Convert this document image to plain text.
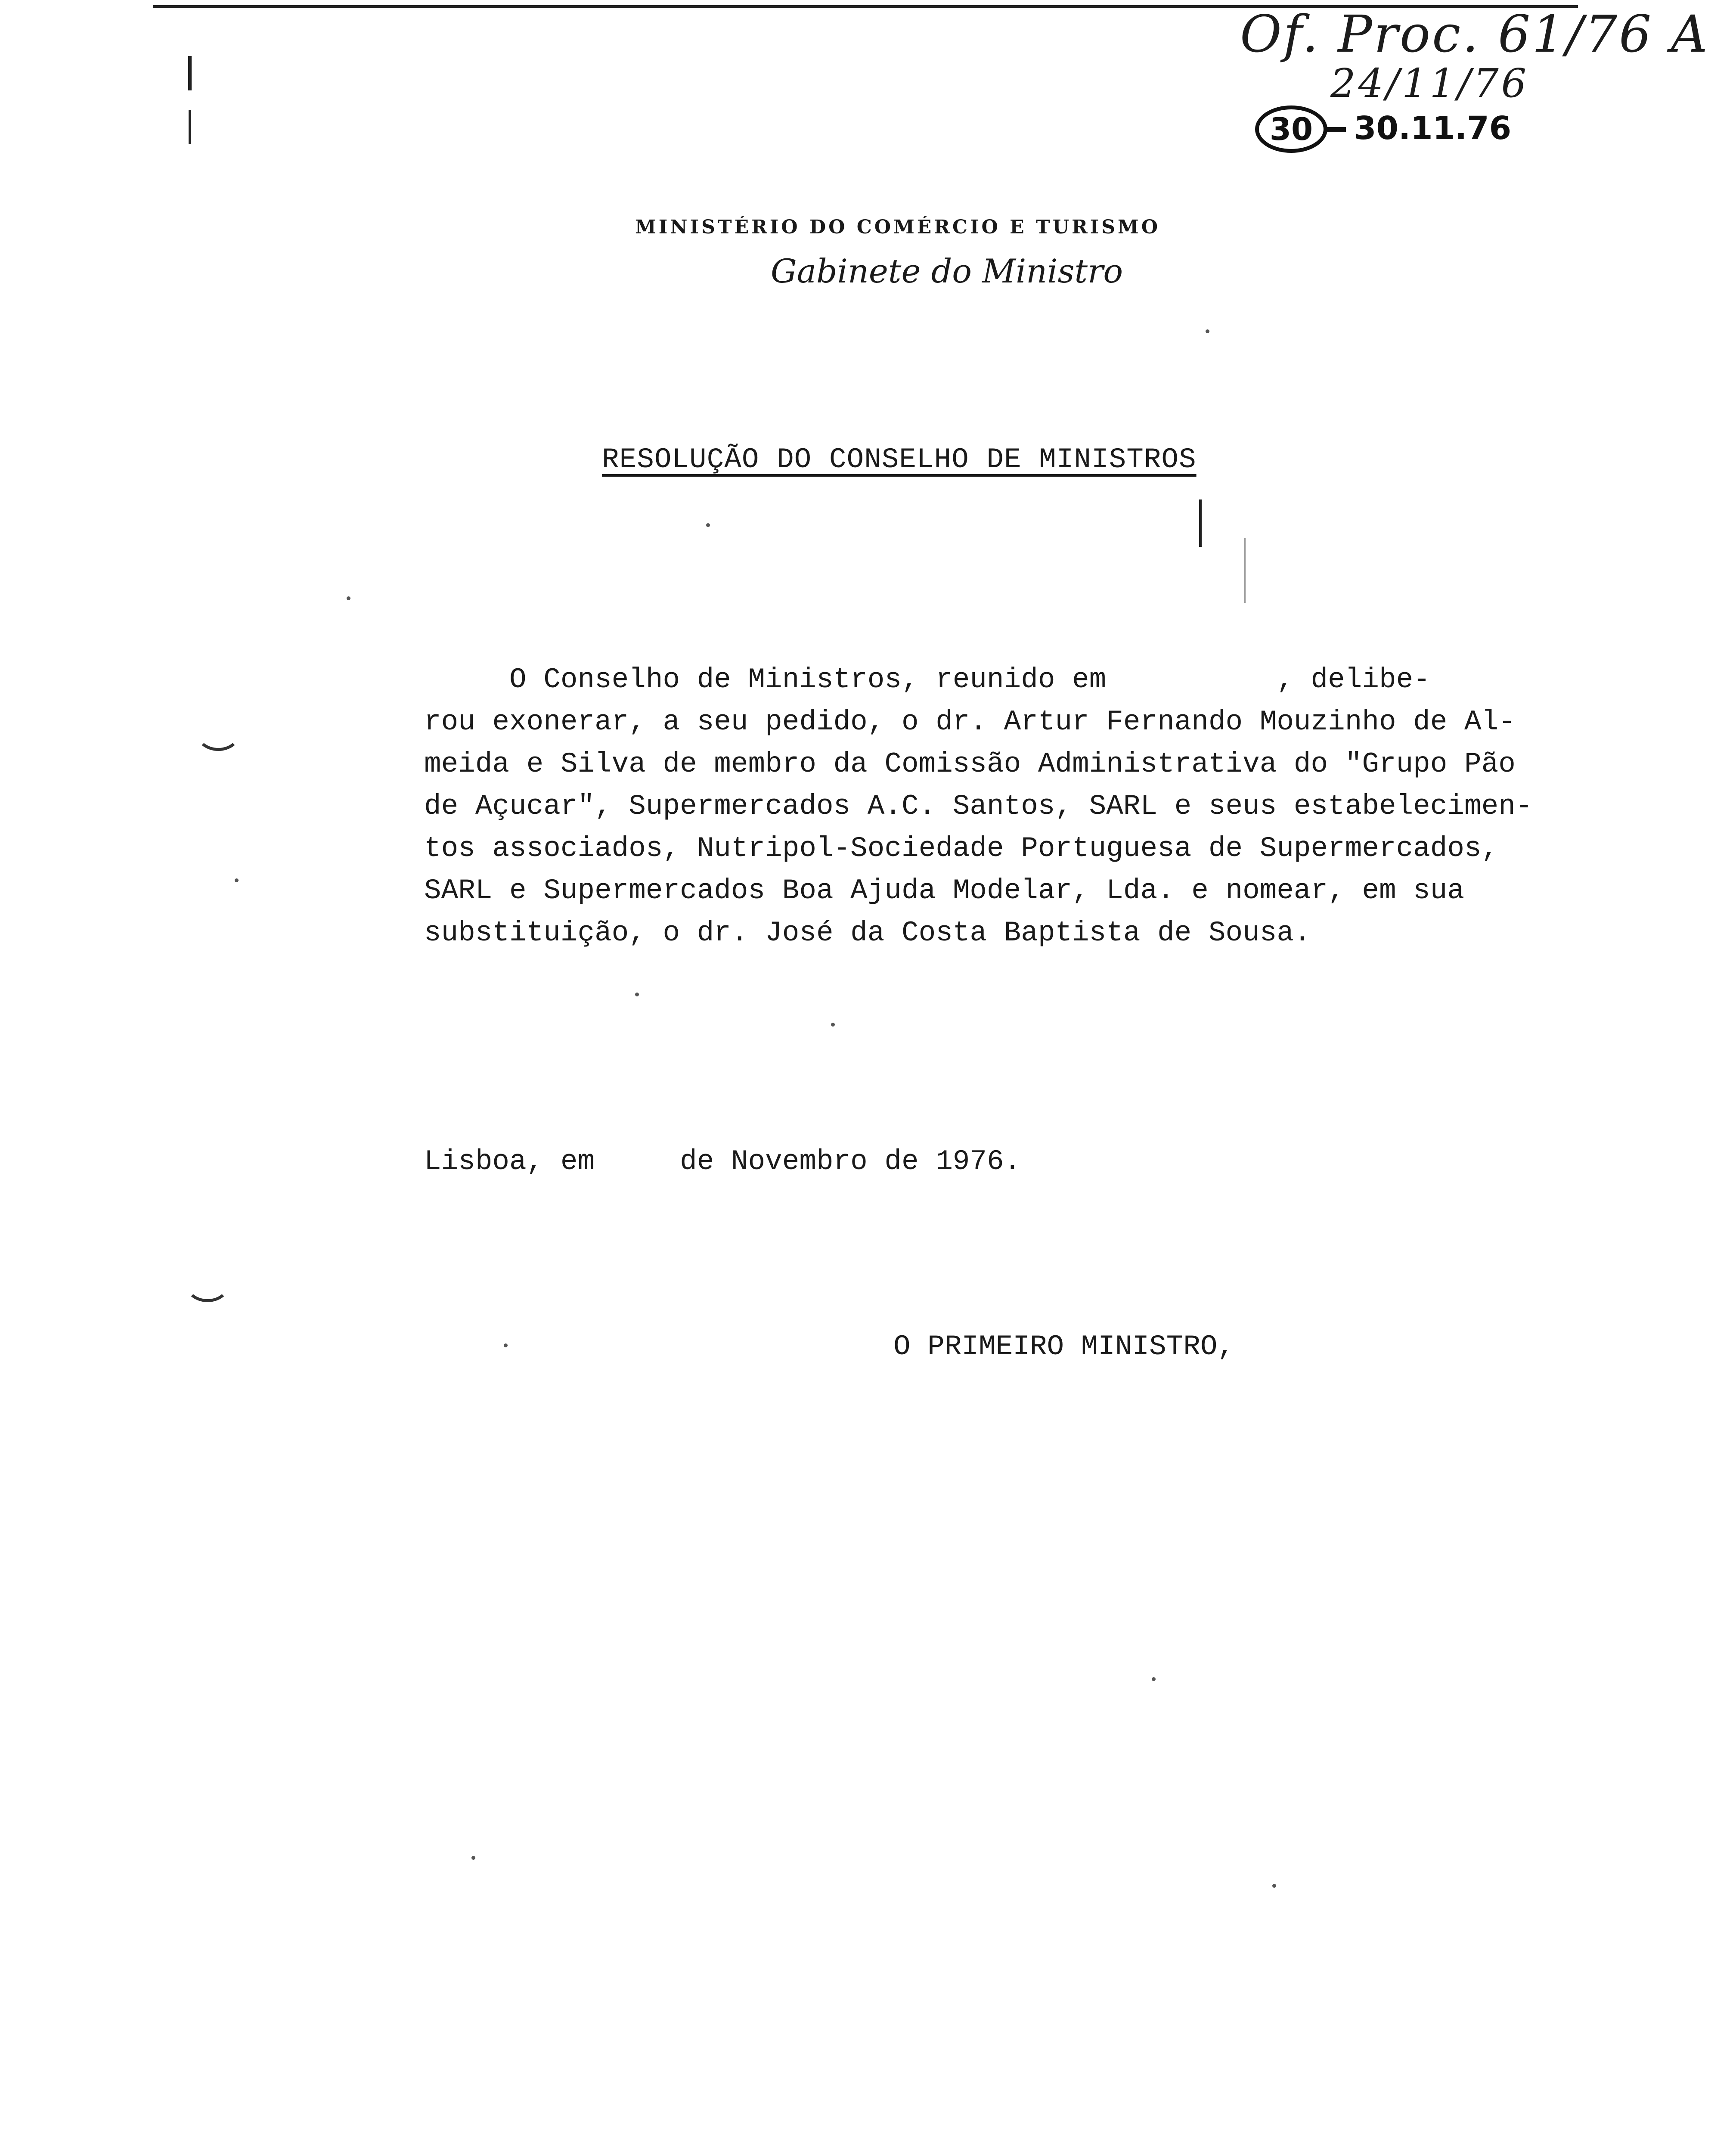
Of. Proc. 61/76 A
24/11/76
30	30.11.76
MINISTÉRIO DO COMÉRCIO E TURISMO
Gabinete do Ministro
RESOLUÇÃO DO CONSELHO DE MINISTROS
O Conselho de Ministros, reunido em          , delibe-
rou exonerar, a seu pedido, o dr. Artur Fernando Mouzinho de Al-
meida e Silva de membro da Comissão Administrativa do "Grupo Pão
de Açucar", Supermercados A.C. Santos, SARL e seus estabelecimen-
tos associados, Nutripol-Sociedade Portuguesa de Supermercados,
SARL e Supermercados Boa Ajuda Modelar, Lda. e nomear, em sua
substituição, o dr. José da Costa Baptista de Sousa.
Lisboa, em     de Novembro de 1976.
O PRIMEIRO MINISTRO,
